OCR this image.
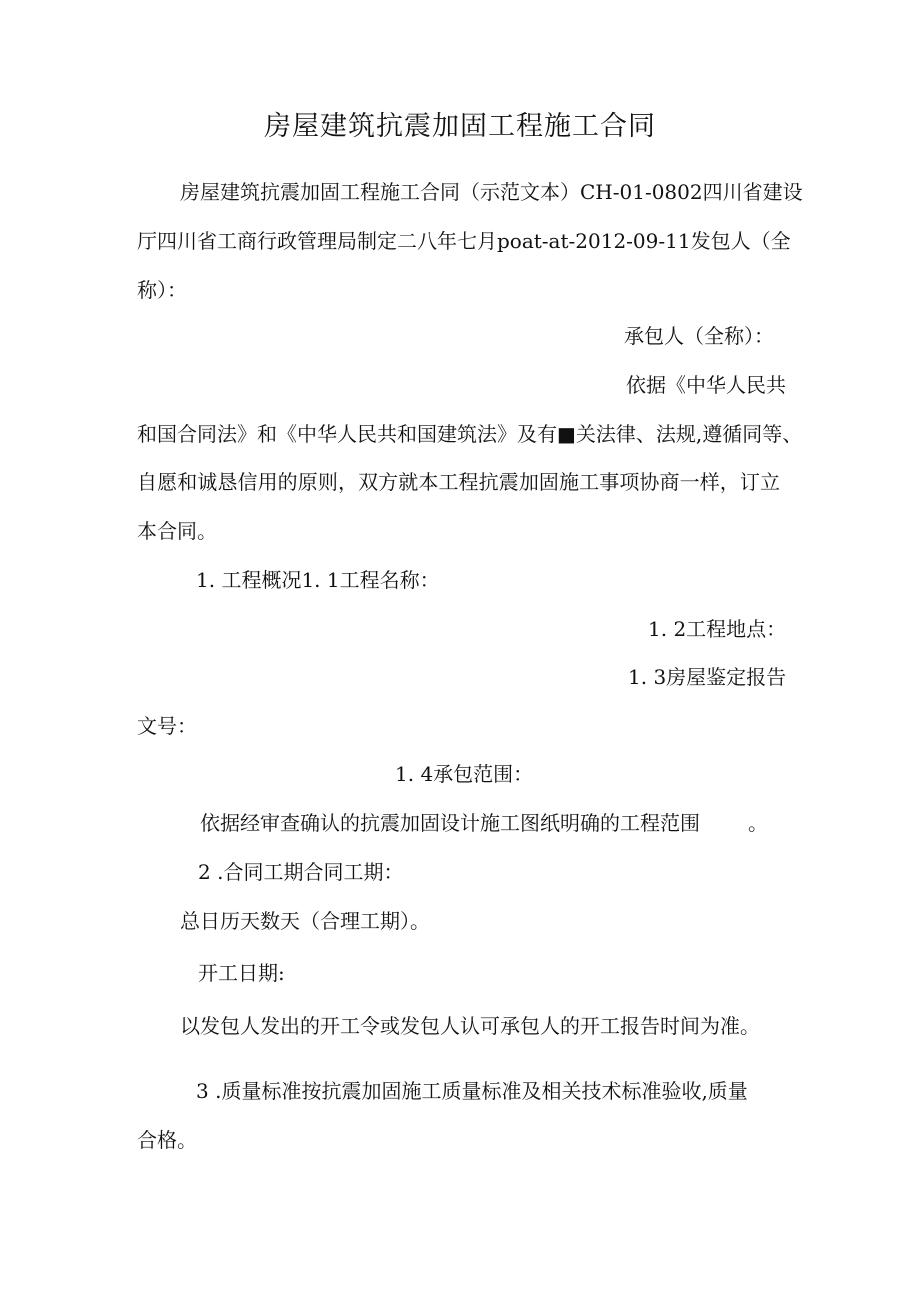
房屋建筑抗震加固工程施工合同
房屋建筑抗震加固工程施工合同（示范文本）CH-01-0802四川省建设
厅四川省工商行政管理局制定二八年七月poat-at-2012-09-11发包人（全
称）：
承包人（全称）：
依据《中华人民共
和国合同法》和《中华人民共和国建筑法》及有■关法律、法规,遵循同等、
自愿和诚恳信用的原则，双方就本工程抗震加固施工事项协商一样，订立
本合同。
1. 工程概况1. 1工程名称：
1. 2工程地点：
1. 3房屋鉴定报告
文号：
1. 4承包范围：
依据经审查确认的抗震加固设计施工图纸明确的工程范围 。
2 .合同工期合同工期：
总日历天数天（合理工期）。
开工日期:
以发包人发出的开工令或发包人认可承包人的开工报告时间为准。
3 .质量标准按抗震加固施工质量标准及相关技术标准验收,质量
合格。
